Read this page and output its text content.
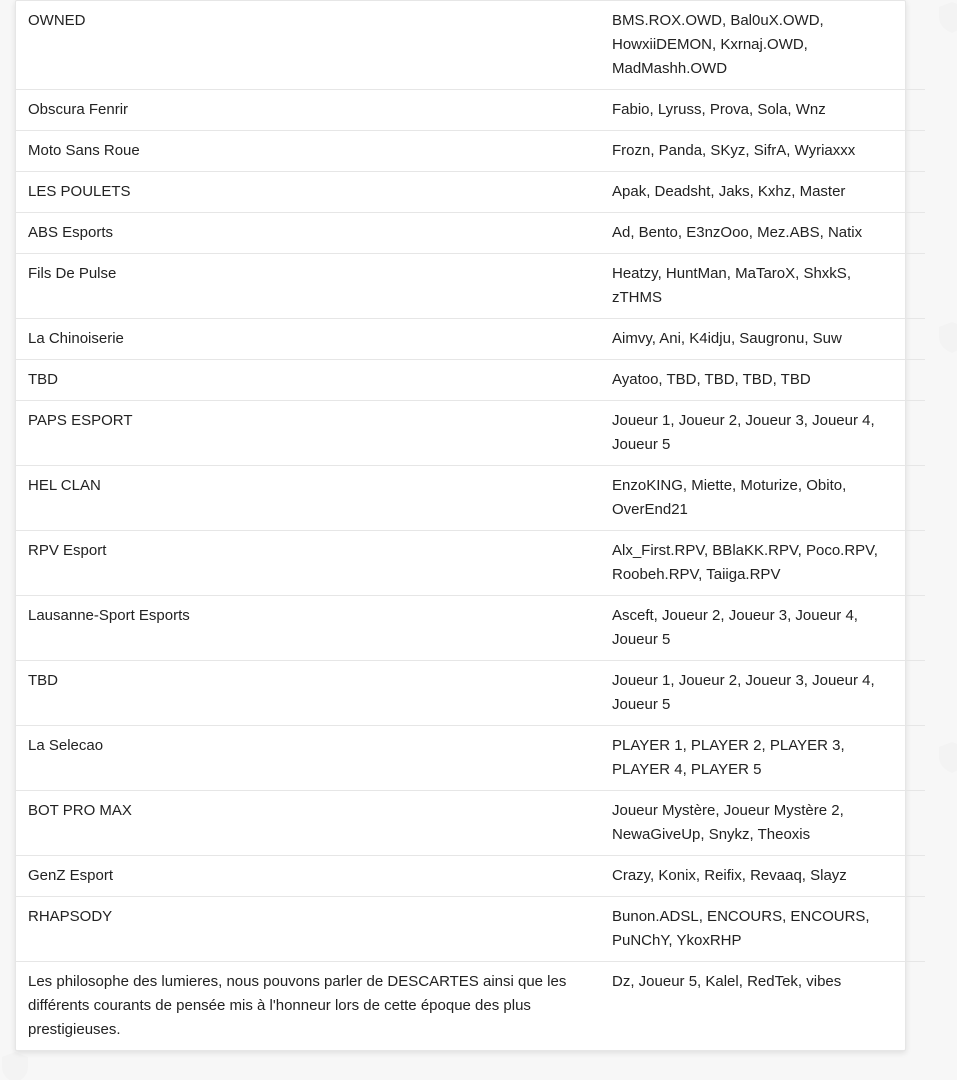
OWNED	BMS.ROX.OWD, Bal0uX.OWD, HowxiiDEMON, Kxrnaj.OWD, MadMashh.OWD
Obscura Fenrir	Fabio, Lyruss, Prova, Sola, Wnz
Moto Sans Roue	Frozn, Panda, SKyz, SifrA, Wyriaxxx
LES POULETS	Apak, Deadsht, Jaks, Kxhz, Master
ABS Esports	Ad, Bento, E3nzOoo, Mez.ABS, Natix
Fils De Pulse	Heatzy, HuntMan, MaTaroX, ShxkS, zTHMS
La Chinoiserie	Aimvy, Ani, K4idju, Saugronu, Suw
TBD	Ayatoo, TBD, TBD, TBD, TBD
PAPS ESPORT	Joueur 1, Joueur 2, Joueur 3, Joueur 4, Joueur 5
HEL CLAN	EnzoKING, Miette, Moturize, Obito, OverEnd21
RPV Esport	Alx_First.RPV, BBlaKK.RPV, Poco.RPV, Roobeh.RPV, Taiiga.RPV
Lausanne-Sport Esports	Asceft, Joueur 2, Joueur 3, Joueur 4, Joueur 5
TBD	Joueur 1, Joueur 2, Joueur 3, Joueur 4, Joueur 5
La Selecao	PLAYER 1, PLAYER 2, PLAYER 3, PLAYER 4, PLAYER 5
BOT PRO MAX	Joueur Mystère, Joueur Mystère 2, NewaGiveUp, Snykz, Theoxis
GenZ Esport	Crazy, Konix, Reifix, Revaaq, Slayz
RHAPSODY	Bunon.ADSL, ENCOURS, ENCOURS, PuNChY, YkoxRHP
Les philosophe des lumieres, nous pouvons parler de DESCARTES ainsi que les différents courants de pensée mis à l'honneur lors de cette époque des plus prestigieuses.	Dz, Joueur 5, Kalel, RedTek, vibes
